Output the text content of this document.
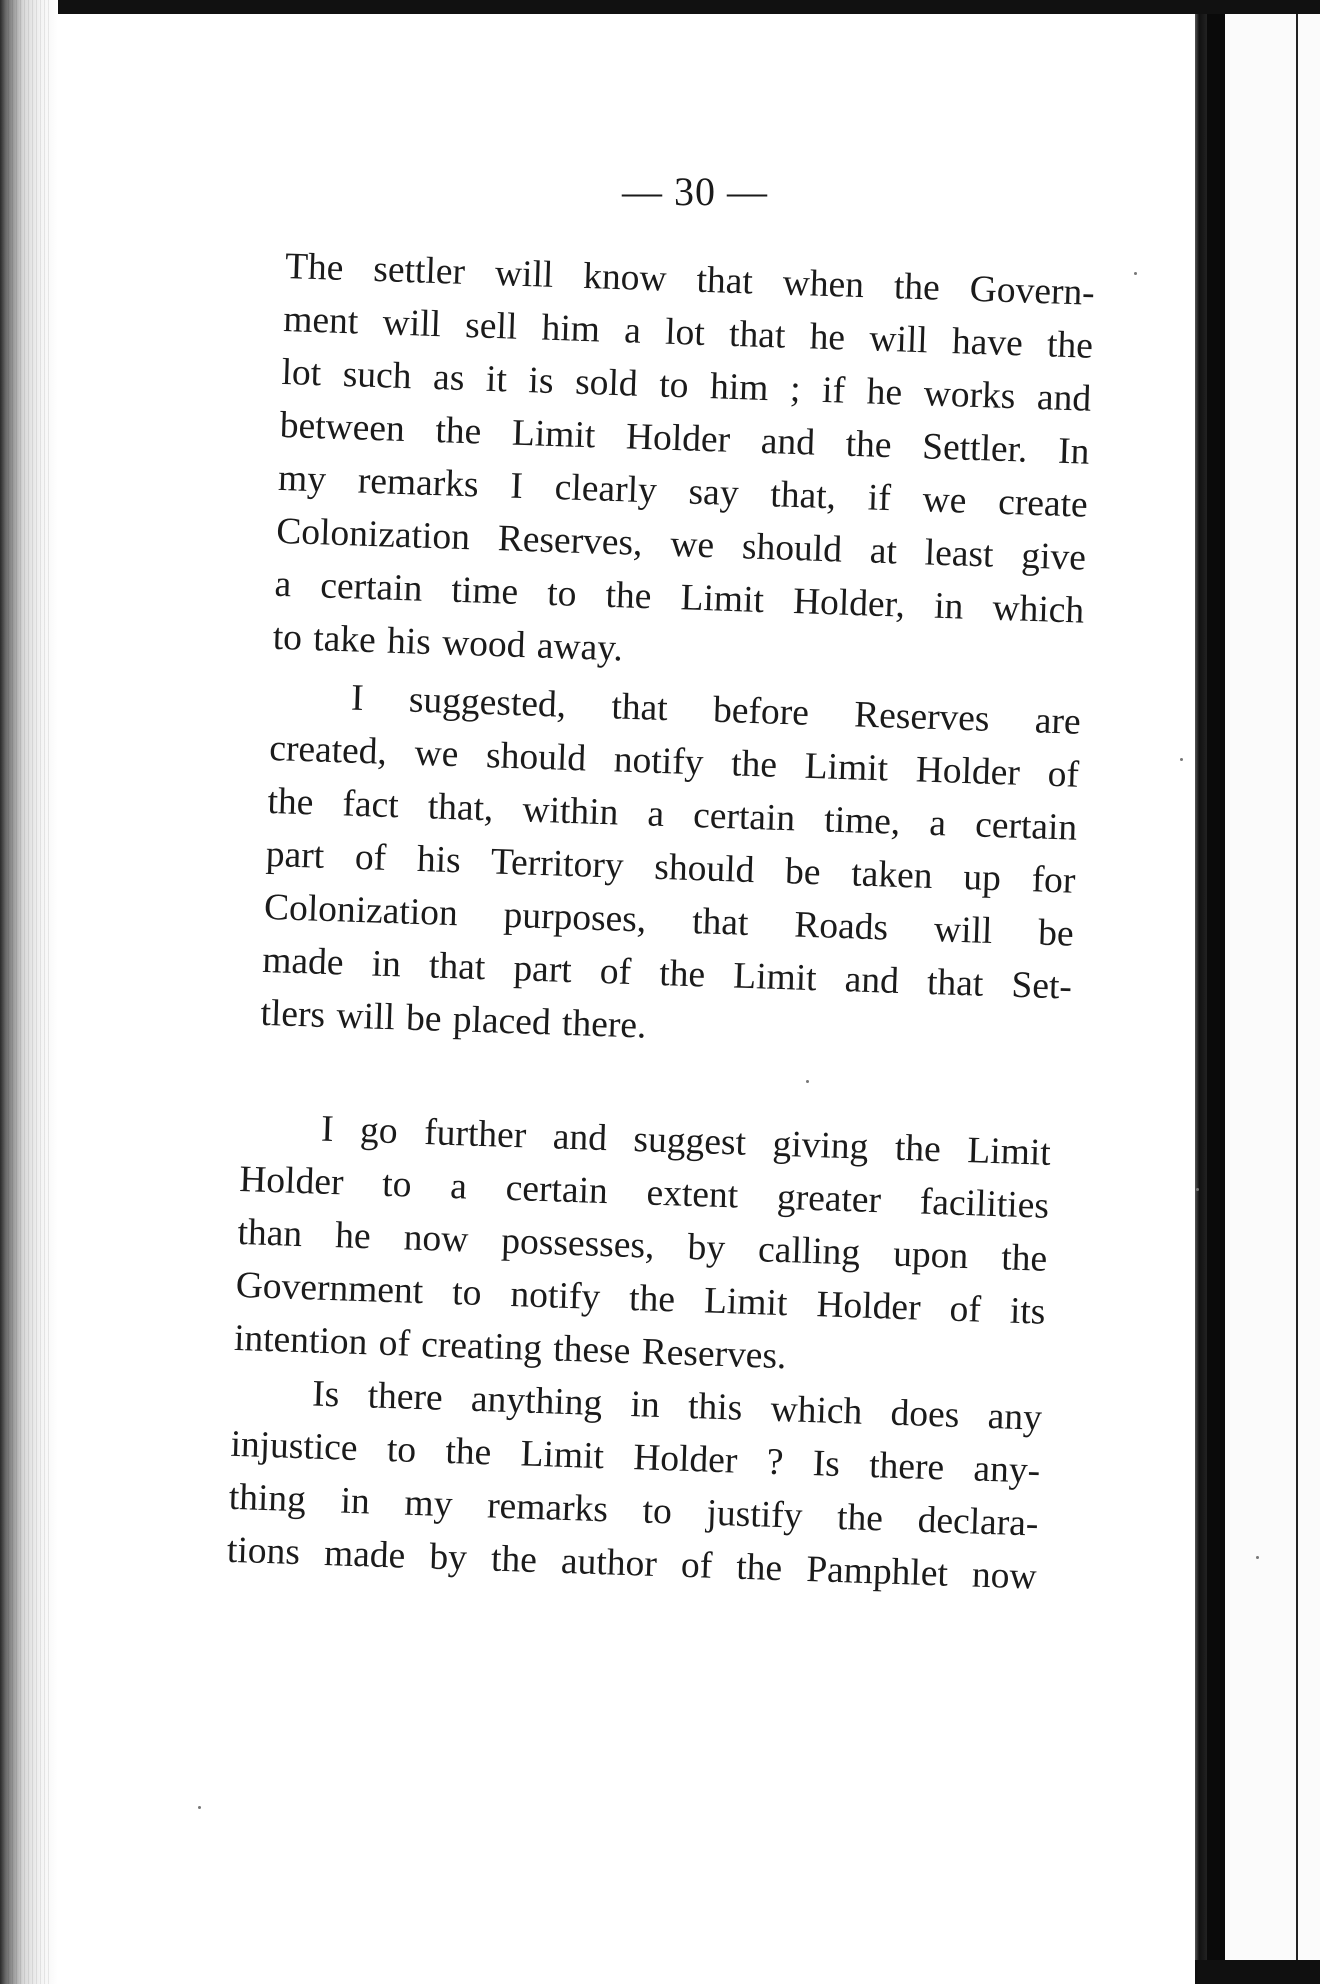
— 30 —
The settler will know that when the Govern-
ment will sell him a lot that he will have the
lot such as it is sold to him ; if he works and
between the Limit Holder and the Settler. In
my remarks I clearly say that, if we create
Colonization Reserves, we should at least give
a certain time to the Limit Holder, in which
to take his wood away.
I suggested, that before Reserves are
created, we should notify the Limit Holder of
the fact that, within a certain time, a certain
part of his Territory should be taken up for
Colonization purposes, that Roads will be
made in that part of the Limit and that Set-
tlers will be placed there.
I go further and suggest giving the Limit
Holder to a certain extent greater facilities
than he now possesses, by calling upon the
Government to notify the Limit Holder of its
intention of creating these Reserves.
Is there anything in this which does any
injustice to the Limit Holder ? Is there any-
thing in my remarks to justify the declara-
tions made by the author of the Pamphlet now
